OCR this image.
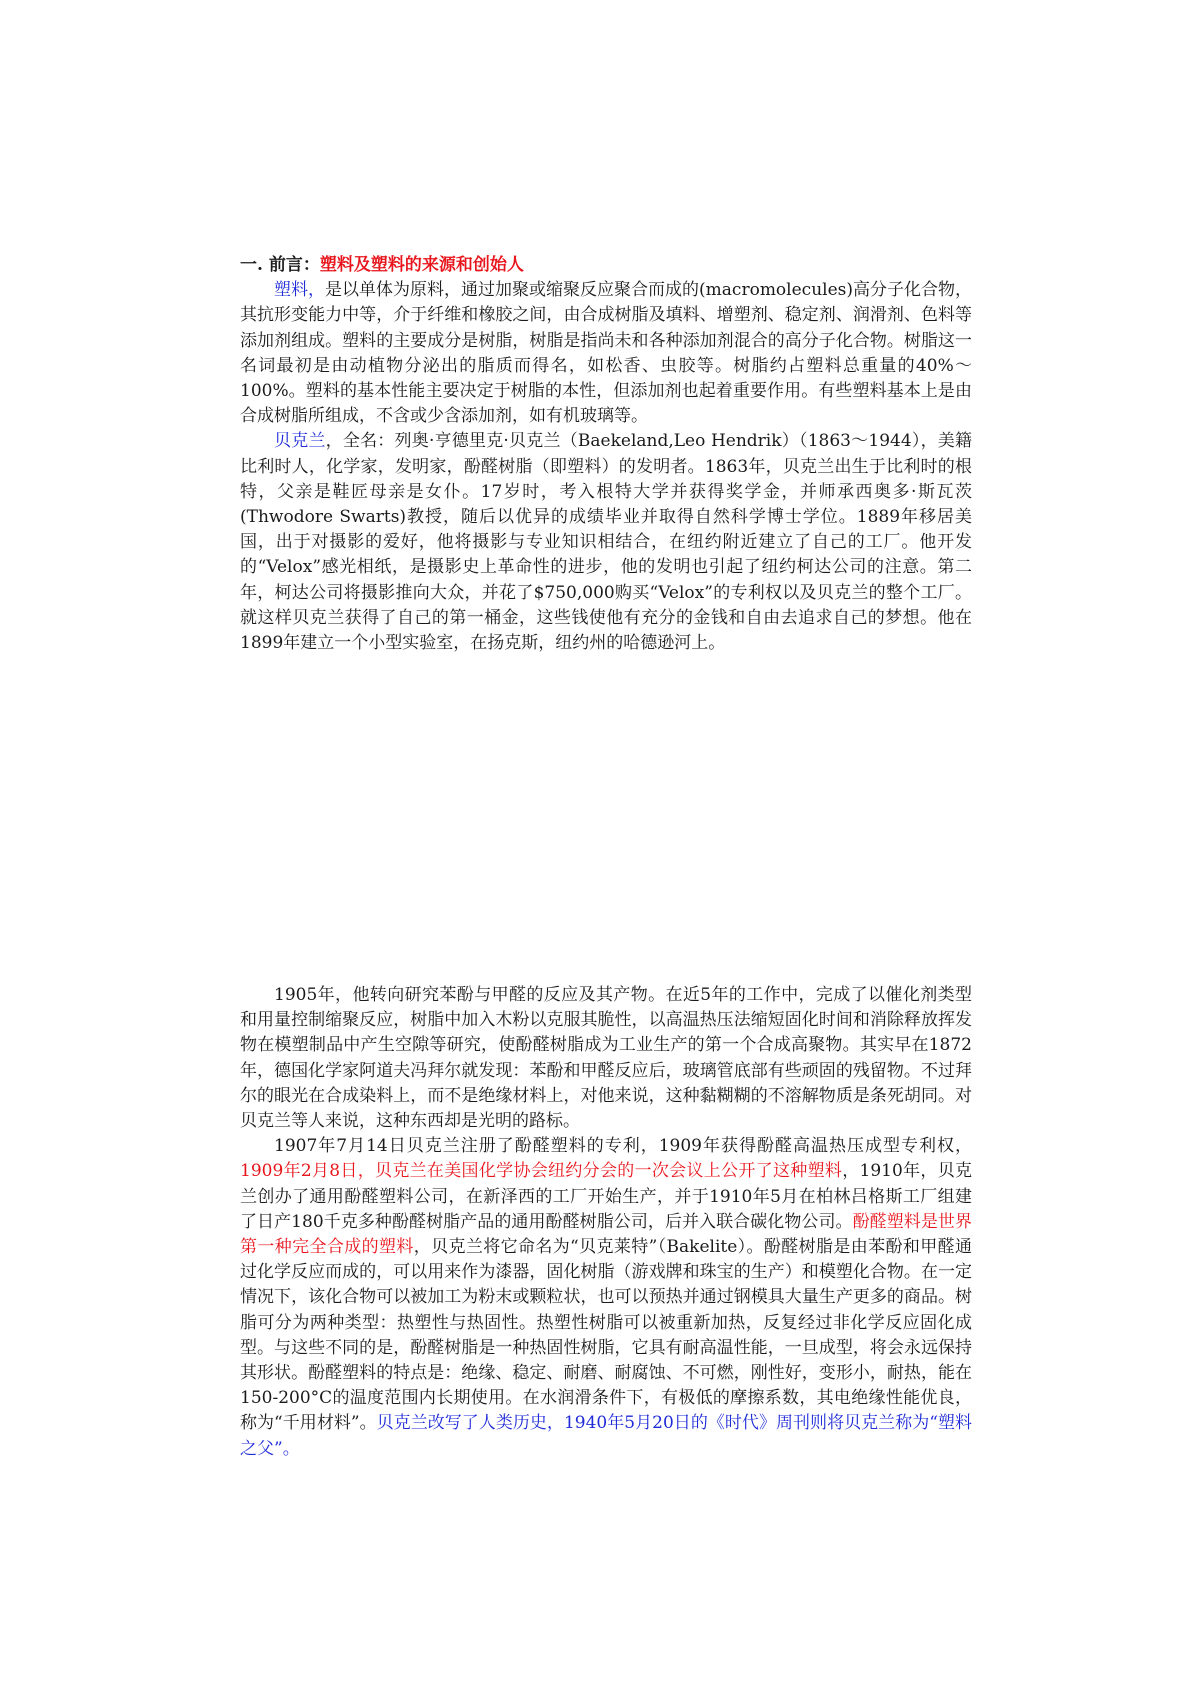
一. 前言：塑料及塑料的来源和创始人

塑料，是以单体为原料，通过加聚或缩聚反应聚合而成的(macromolecules)高分子化合物，其抗形变能力中等，介于纤维和橡胶之间，由合成树脂及填料、增塑剂、稳定剂、润滑剂、色料等添加剂组成。塑料的主要成分是树脂，树脂是指尚未和各种添加剂混合的高分子化合物。树脂这一名词最初是由动植物分泌出的脂质而得名，如松香、虫胶等。树脂约占塑料总重量的40%～100%。塑料的基本性能主要决定于树脂的本性，但添加剂也起着重要作用。有些塑料基本上是由合成树脂所组成，不含或少含添加剂，如有机玻璃等。

贝克兰，全名：列奥·亨德里克·贝克兰（Baekeland,Leo Hendrik）（1863～1944），美籍比利时人，化学家，发明家，酚醛树脂（即塑料）的发明者。1863年，贝克兰出生于比利时的根特，父亲是鞋匠母亲是女仆。17岁时，考入根特大学并获得奖学金，并师承西奥多·斯瓦茨(Thwodore Swarts)教授，随后以优异的成绩毕业并取得自然科学博士学位。1889年移居美国，出于对摄影的爱好，他将摄影与专业知识相结合，在纽约附近建立了自己的工厂。他开发的“Velox”感光相纸，是摄影史上革命性的进步，他的发明也引起了纽约柯达公司的注意。第二年，柯达公司将摄影推向大众，并花了$750,000购买“Velox”的专利权以及贝克兰的整个工厂。就这样贝克兰获得了自己的第一桶金，这些钱使他有充分的金钱和自由去追求自己的梦想。他在1899年建立一个小型实验室，在扬克斯，纽约州的哈德逊河上。

1905年，他转向研究苯酚与甲醛的反应及其产物。在近5年的工作中，完成了以催化剂类型和用量控制缩聚反应，树脂中加入木粉以克服其脆性，以高温热压法缩短固化时间和消除释放挥发物在模塑制品中产生空隙等研究，使酚醛树脂成为工业生产的第一个合成高聚物。其实早在1872年，德国化学家阿道夫冯拜尔就发现：苯酚和甲醛反应后，玻璃管底部有些顽固的残留物。不过拜尔的眼光在合成染料上，而不是绝缘材料上，对他来说，这种黏糊糊的不溶解物质是条死胡同。对贝克兰等人来说，这种东西却是光明的路标。

1907年7月14日贝克兰注册了酚醛塑料的专利，1909年获得酚醛高温热压成型专利权，1909年2月8日，贝克兰在美国化学协会纽约分会的一次会议上公开了这种塑料，1910年，贝克兰创办了通用酚醛塑料公司，在新泽西的工厂开始生产，并于1910年5月在柏林吕格斯工厂组建了日产180千克多种酚醛树脂产品的通用酚醛树脂公司，后并入联合碳化物公司。酚醛塑料是世界第一种完全合成的塑料，贝克兰将它命名为“贝克莱特”（Bakelite）。酚醛树脂是由苯酚和甲醛通过化学反应而成的，可以用来作为漆器，固化树脂（游戏牌和珠宝的生产）和模塑化合物。在一定情况下，该化合物可以被加工为粉末或颗粒状，也可以预热并通过钢模具大量生产更多的商品。树脂可分为两种类型：热塑性与热固性。热塑性树脂可以被重新加热，反复经过非化学反应固化成型。与这些不同的是，酚醛树脂是一种热固性树脂，它具有耐高温性能，一旦成型，将会永远保持其形状。酚醛塑料的特点是：绝缘、稳定、耐磨、耐腐蚀、不可燃，刚性好，变形小，耐热，能在150-200°C的温度范围内长期使用。在水润滑条件下，有极低的摩擦系数，其电绝缘性能优良，称为“千用材料”。贝克兰改写了人类历史，1940年5月20日的《时代》周刊则将贝克兰称为“塑料之父”。
